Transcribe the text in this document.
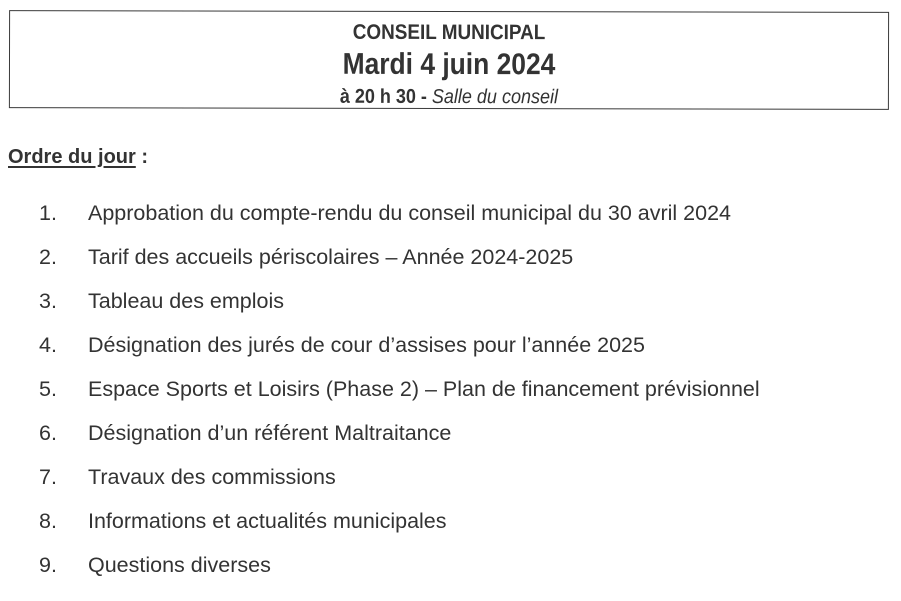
CONSEIL MUNICIPAL
Mardi 4 juin 2024
à 20 h 30 - Salle du conseil
Ordre du jour :
1. Approbation du compte-rendu du conseil municipal du 30 avril 2024
2. Tarif des accueils périscolaires – Année 2024-2025
3. Tableau des emplois
4. Désignation des jurés de cour d’assises pour l’année 2025
5. Espace Sports et Loisirs (Phase 2) – Plan de financement prévisionnel
6. Désignation d’un référent Maltraitance
7. Travaux des commissions
8. Informations et actualités municipales
9. Questions diverses
